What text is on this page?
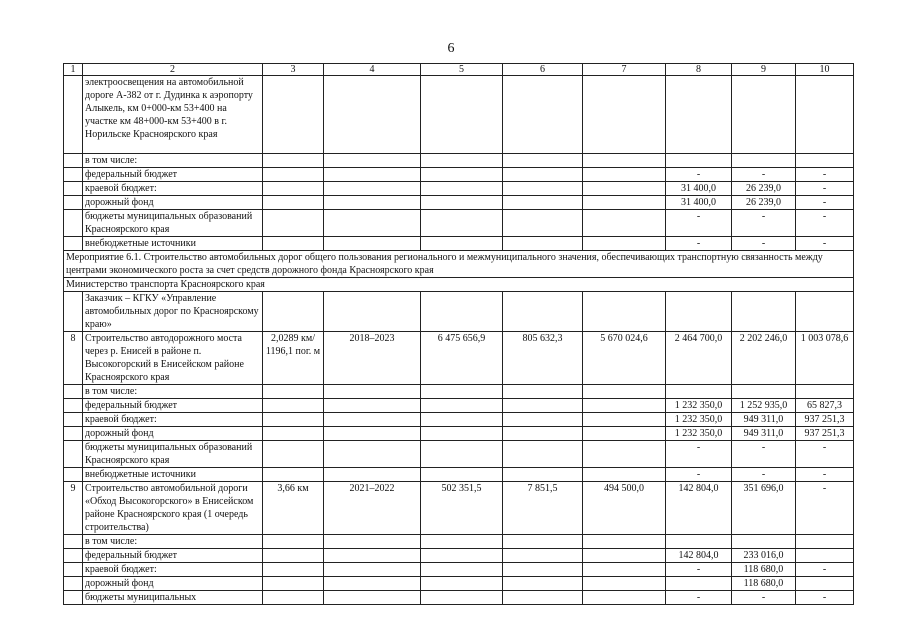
6
1	2	3	4	5	6	7	8	9	10
	электроосвещения на автомобильной дороге А-382 от г. Дудинка к аэропорту Алыкель, км 0+000-км 53+400 на участке км 48+000-км 53+400 в г. Норильске Красноярского края								
	в том числе:								
	федеральный бюджет						-	-	-
	краевой бюджет:						31 400,0	26 239,0	-
	дорожный фонд						31 400,0	26 239,0	-
	бюджеты муниципальных образований Красноярского края						-	-	-
	внебюджетные источники						-	-	-
Мероприятие 6.1. Строительство автомобильных дорог общего пользования регионального и межмуниципального значения, обеспечивающих транспортную связанность между центрами экономического роста за счет средств дорожного фонда Красноярского края									
Министерство транспорта Красноярского края									
	Заказчик – КГКУ «Управление автомобильных дорог по Красноярскому краю»								
8	Строительство автодорожного моста через р. Енисей в районе п. Высокогорский в Енисейском районе Красноярского края	2,0289 км/ 1196,1 пог. м	2018–2023	6 475 656,9	805 632,3	5 670 024,6	2 464 700,0	2 202 246,0	1 003 078,6
	в том числе:								
	федеральный бюджет						1 232 350,0	1 252 935,0	65 827,3
	краевой бюджет:						1 232 350,0	949 311,0	937 251,3
	дорожный фонд						1 232 350,0	949 311,0	937 251,3
	бюджеты муниципальных образований Красноярского края						-	-	-
	внебюджетные источники						-	-	-
9	Строительство автомобильной дороги «Обход Высокогорского» в Енисейском районе Красноярского края (1 очередь строительства)	3,66 км	2021–2022	502 351,5	7 851,5	494 500,0	142 804,0	351 696,0	-
	в том числе:								
	федеральный бюджет						142 804,0	233 016,0	
	краевой бюджет:						-	118 680,0	-
	дорожный фонд							118 680,0	
	бюджеты муниципальных						-	-	-
